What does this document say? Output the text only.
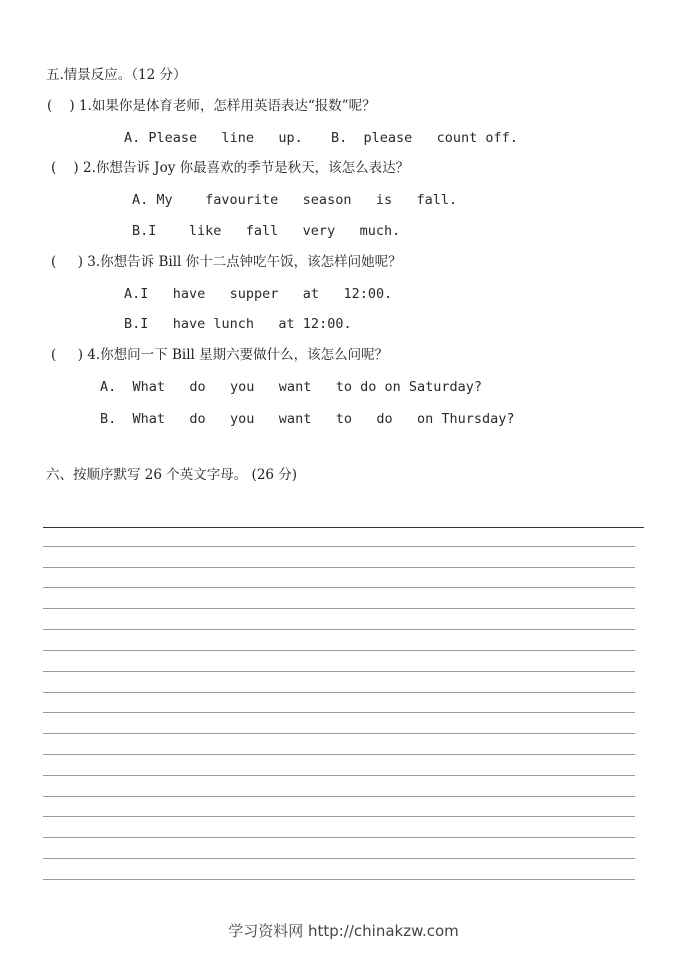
五.情景反应。（12 分）
(    ) 1.如果你是体育老师，怎样用英语表达“报数”呢？
A. Please   line   up. B.  please   count off.
(    ) 2.你想告诉 Joy 你最喜欢的季节是秋天，该怎么表达？
A. My    favourite   season   is   fall.
B.I    like   fall   very   much.
(     ) 3.你想告诉 Bill 你十二点钟吃午饭，该怎样问她呢？
A.I   have   supper   at   12:00.
B.I   have lunch   at 12:00.
(     ) 4.你想问一下 Bill 星期六要做什么，该怎么问呢？
A.  What   do   you   want   to do on Saturday?
B.  What   do   you   want   to   do   on Thursday?
六、按顺序默写 26 个英文字母。 (26 分)
学习资料网 http://chinakzw.com
